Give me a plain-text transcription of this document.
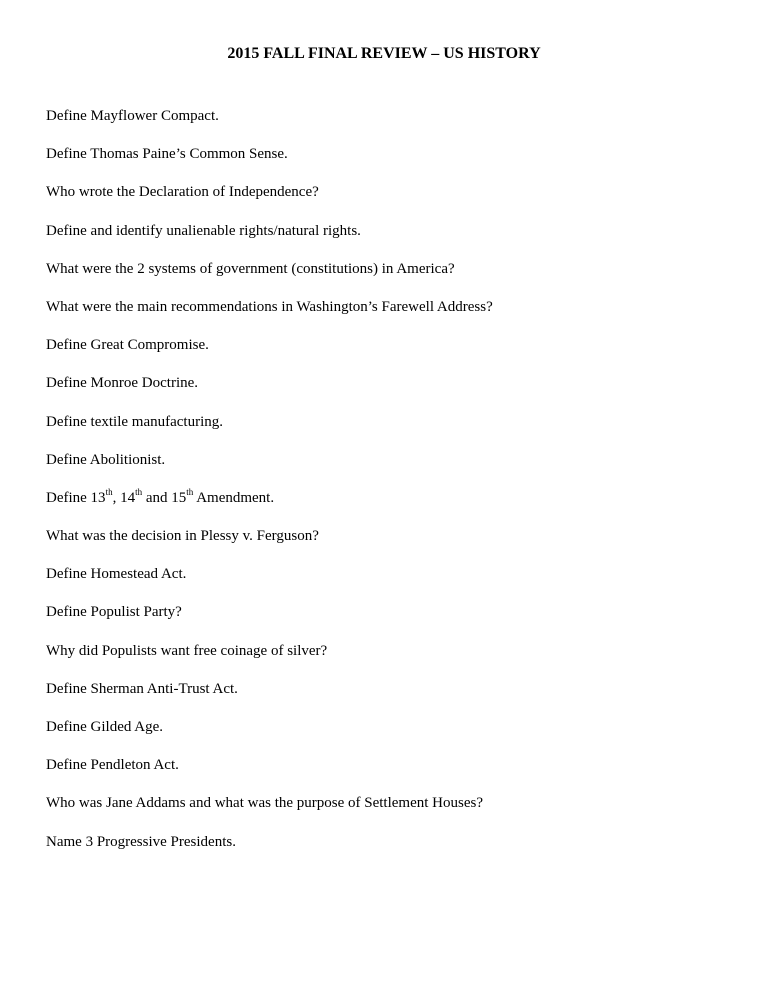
2015 FALL FINAL REVIEW – US HISTORY
Define Mayflower Compact.
Define Thomas Paine’s Common Sense.
Who wrote the Declaration of Independence?
Define and identify unalienable rights/natural rights.
What were the 2 systems of government (constitutions) in America?
What were the main recommendations in Washington’s Farewell Address?
Define Great Compromise.
Define Monroe Doctrine.
Define textile manufacturing.
Define Abolitionist.
Define 13th, 14th and 15th Amendment.
What was the decision in Plessy v. Ferguson?
Define Homestead Act.
Define Populist Party?
Why did Populists want free coinage of silver?
Define Sherman Anti-Trust Act.
Define Gilded Age.
Define Pendleton Act.
Who was Jane Addams and what was the purpose of Settlement Houses?
Name 3 Progressive Presidents.
